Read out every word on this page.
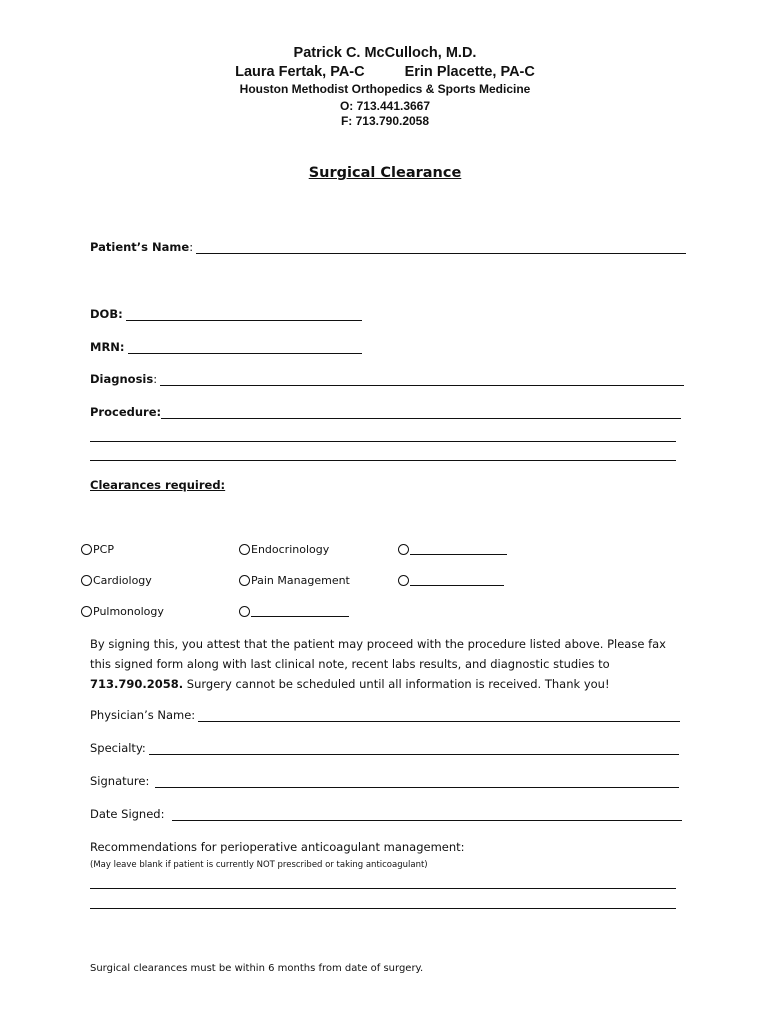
Patrick C. McCulloch, M.D.
Laura Fertak, PA-C	Erin Placette, PA-C
Houston Methodist Orthopedics & Sports Medicine
O: 713.441.3667
F: 713.790.2058
Surgical Clearance
Patient’s Name :
DOB:
MRN:
Diagnosis :
Procedure:
Clearances required:
PCP	Endocrinology
Cardiology	Pain Management
Pulmonology
By signing this, you attest that the patient may proceed with the procedure listed above. Please fax this signed form along with last clinical note, recent labs results, and diagnostic studies to 713.790.2058. Surgery cannot be scheduled until all information is received. Thank you!
Physician’s Name:
Specialty:
Signature:
Date Signed:
Recommendations for perioperative anticoagulant management:
(May leave blank if patient is currently NOT prescribed or taking anticoagulant)
Surgical clearances must be within 6 months from date of surgery.
